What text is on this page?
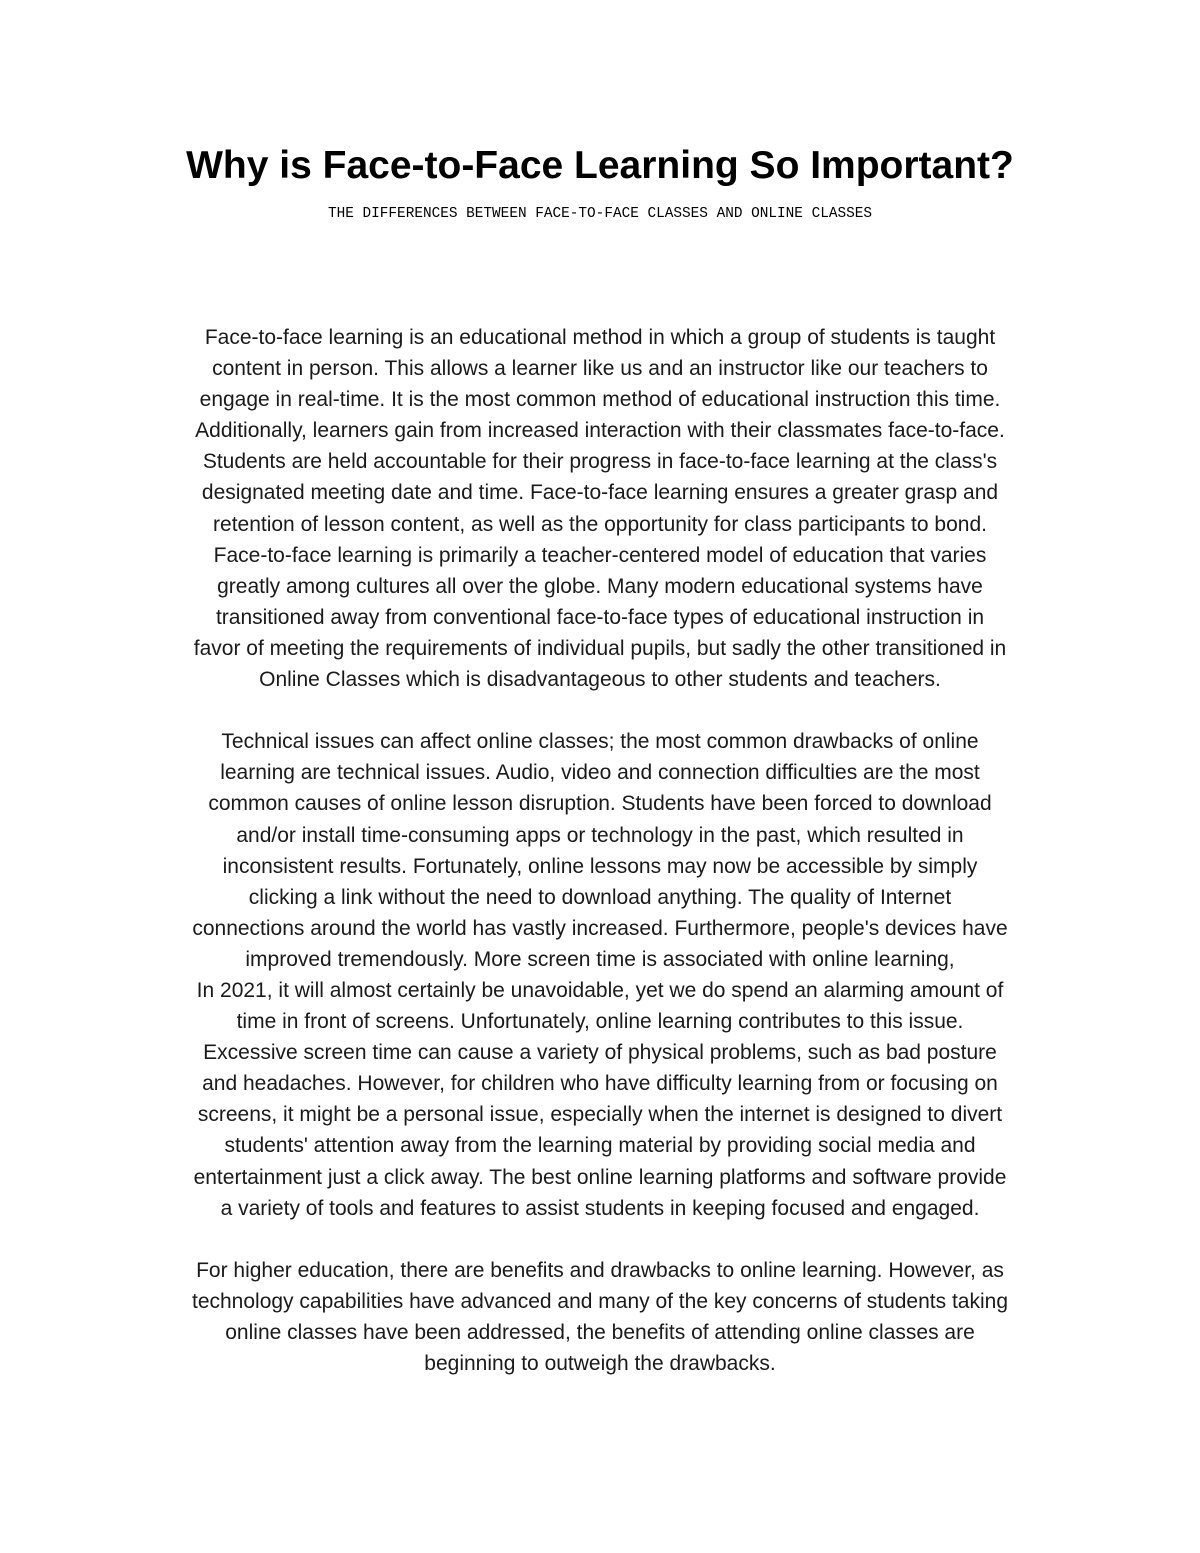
Why is Face-to-Face Learning So Important?
THE DIFFERENCES BETWEEN FACE-TO-FACE CLASSES AND ONLINE CLASSES
Face-to-face learning is an educational method in which a group of students is taught
content in person. This allows a learner like us and an instructor like our teachers to
engage in real-time. It is the most common method of educational instruction this time.
Additionally, learners gain from increased interaction with their classmates face-to-face.
Students are held accountable for their progress in face-to-face learning at the class's
designated meeting date and time. Face-to-face learning ensures a greater grasp and
retention of lesson content, as well as the opportunity for class participants to bond.
Face-to-face learning is primarily a teacher-centered model of education that varies
greatly among cultures all over the globe. Many modern educational systems have
transitioned away from conventional face-to-face types of educational instruction in
favor of meeting the requirements of individual pupils, but sadly the other transitioned in
Online Classes which is disadvantageous to other students and teachers.
Technical issues can affect online classes; the most common drawbacks of online
learning are technical issues. Audio, video and connection difficulties are the most
common causes of online lesson disruption. Students have been forced to download
and/or install time-consuming apps or technology in the past, which resulted in
inconsistent results. Fortunately, online lessons may now be accessible by simply
clicking a link without the need to download anything. The quality of Internet
connections around the world has vastly increased. Furthermore, people's devices have
improved tremendously. More screen time is associated with online learning,
In 2021, it will almost certainly be unavoidable, yet we do spend an alarming amount of
time in front of screens. Unfortunately, online learning contributes to this issue.
Excessive screen time can cause a variety of physical problems, such as bad posture
and headaches. However, for children who have difficulty learning from or focusing on
screens, it might be a personal issue, especially when the internet is designed to divert
students' attention away from the learning material by providing social media and
entertainment just a click away. The best online learning platforms and software provide
a variety of tools and features to assist students in keeping focused and engaged.
For higher education, there are benefits and drawbacks to online learning. However, as
technology capabilities have advanced and many of the key concerns of students taking
online classes have been addressed, the benefits of attending online classes are
beginning to outweigh the drawbacks.
